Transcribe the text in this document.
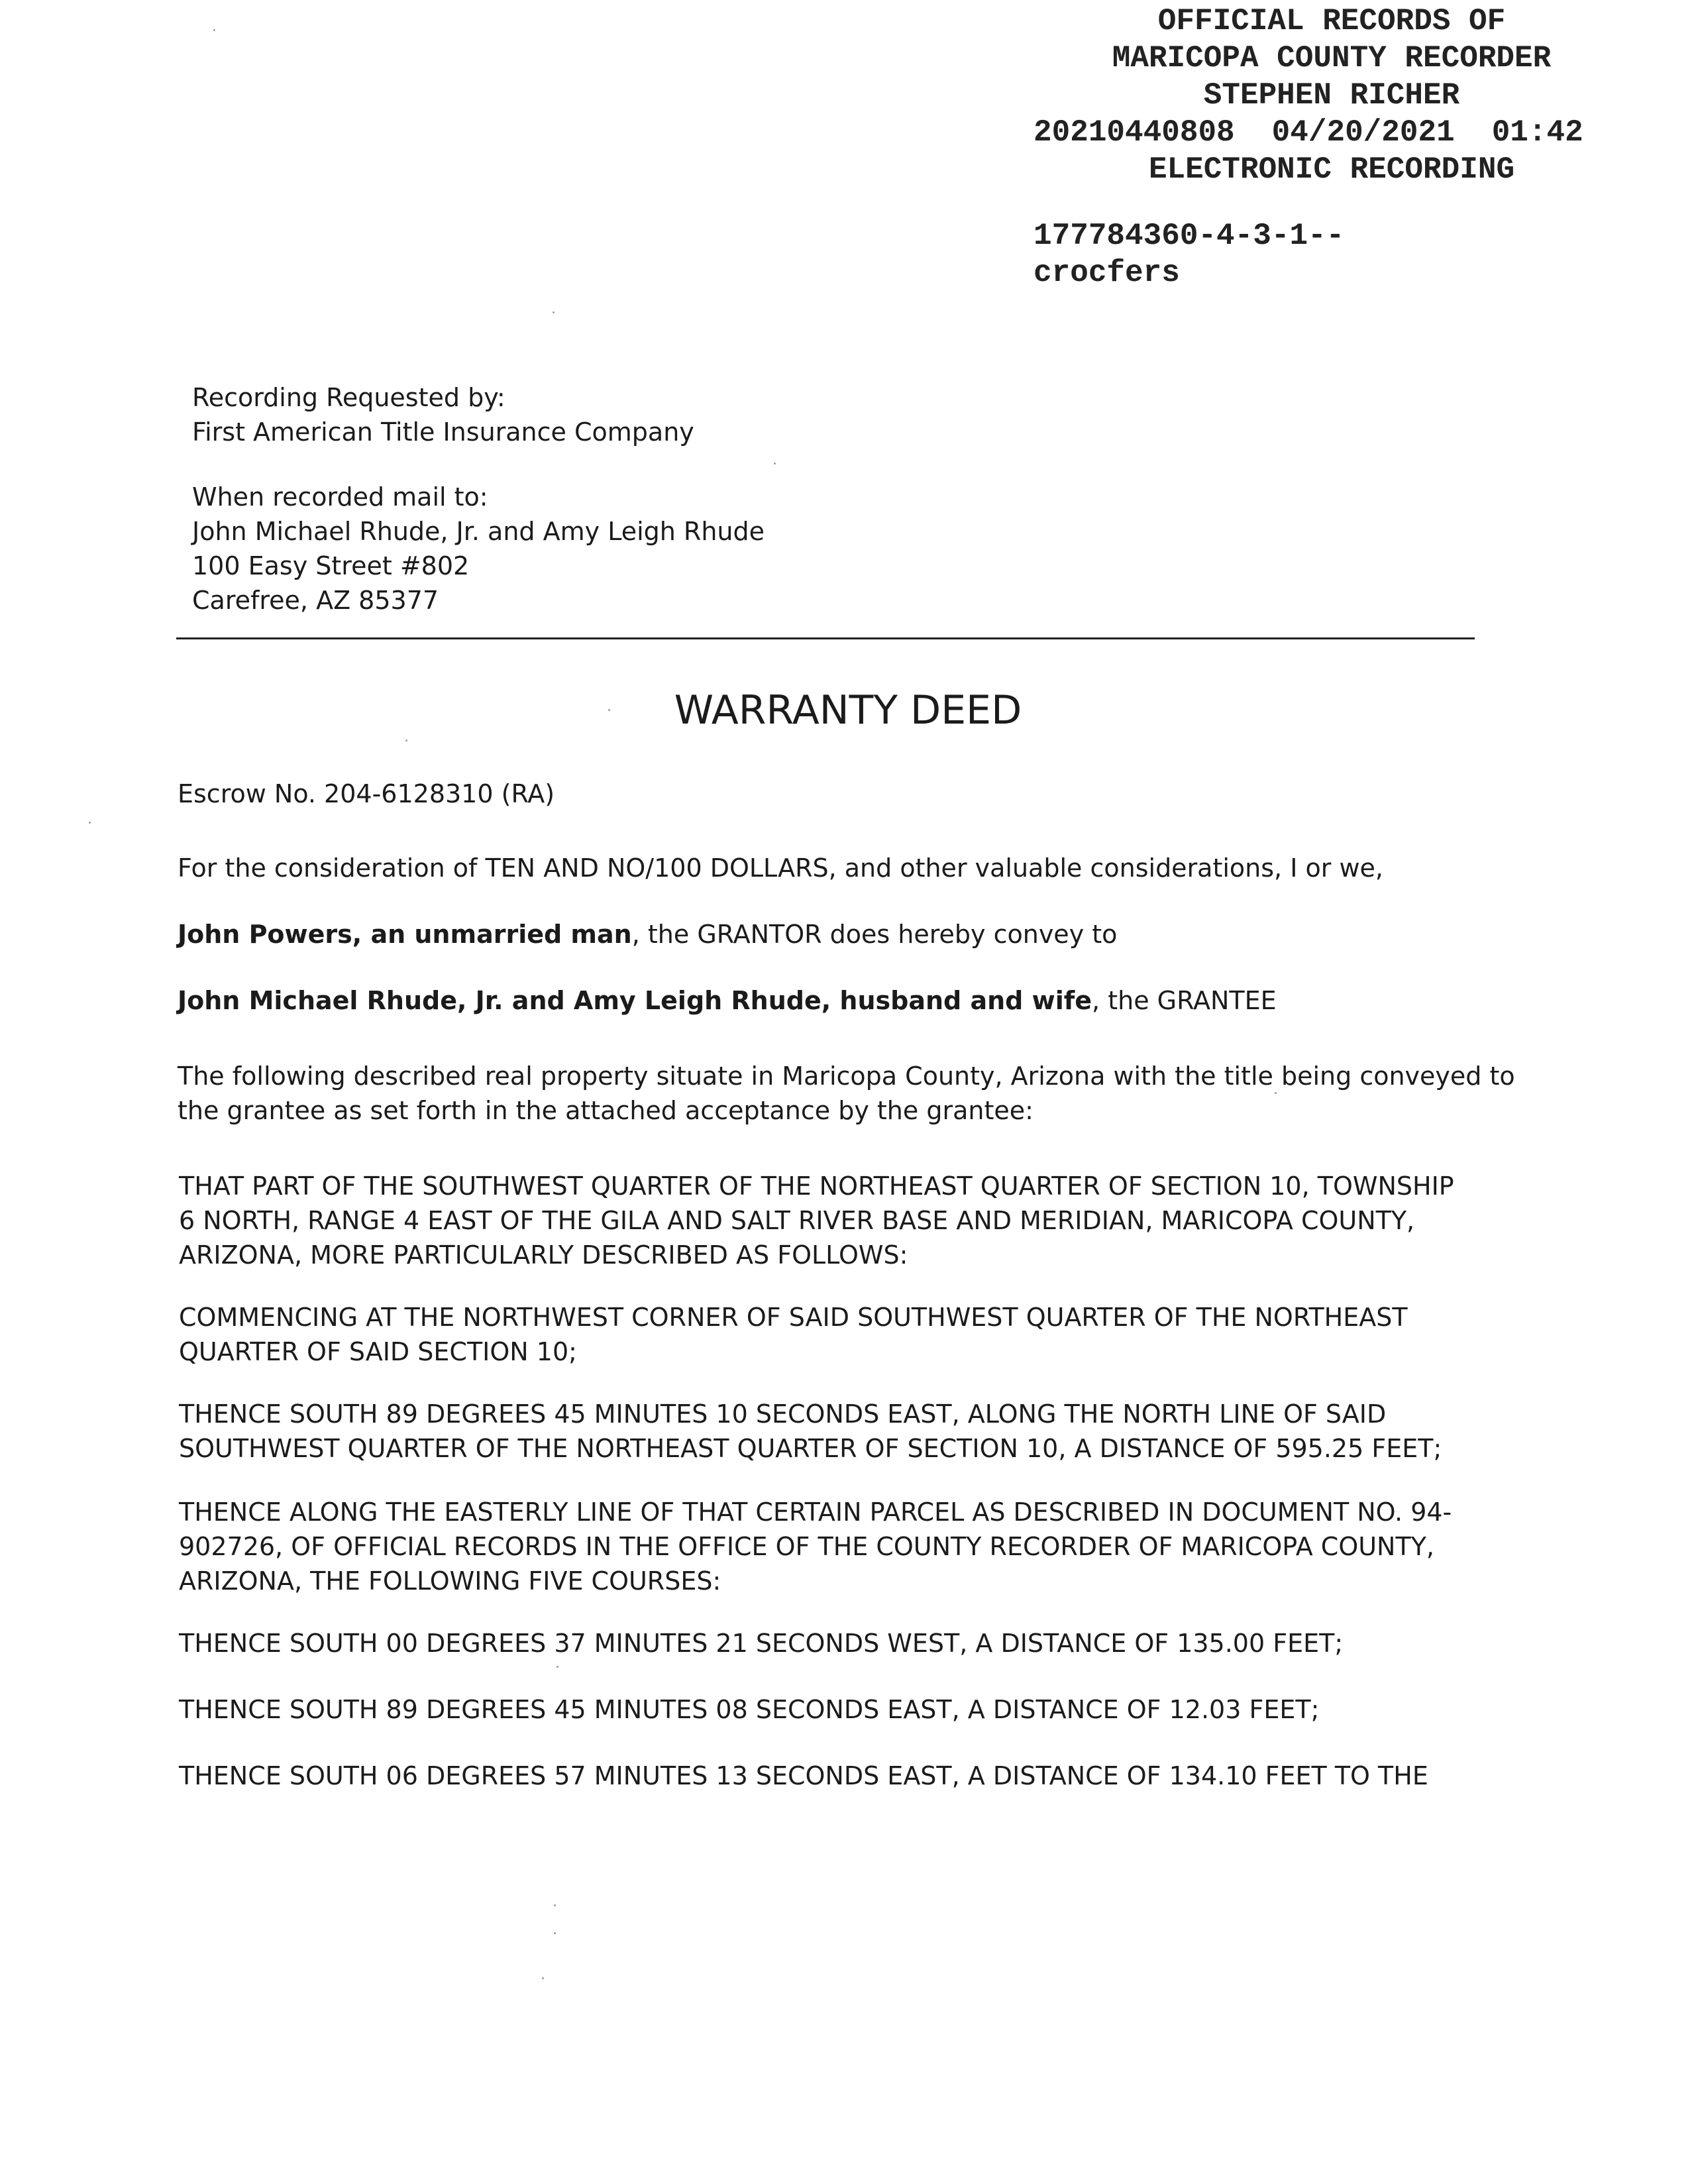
OFFICIAL RECORDS OF
MARICOPA COUNTY RECORDER
STEPHEN RICHER
20210440808 04/20/2021 01:42
ELECTRONIC RECORDING
177784360-4-3-1--
crocfers

Recording Requested by:

First American Title Insurance Company

When recorded mail to:

John Michael Rhude, Jr. and Amy Leigh Rhude

100 Easy Street #802

Carefree, AZ 85377

WARRANTY DEED
Escrow No. 204-6128310 (RA)
For the consideration of TEN AND NO/100 DOLLARS, and other valuable considerations, I or we,
John Powers, an unmarried man, the GRANTOR does hereby convey to
John Michael Rhude, Jr. and Amy Leigh Rhude, husband and wife, the GRANTEE

The following described real property situate in Maricopa County, Arizona with the title being conveyed to

the grantee as set forth in the attached acceptance by the grantee:

THAT PART OF THE SOUTHWEST QUARTER OF THE NORTHEAST QUARTER OF SECTION 10, TOWNSHIP

6 NORTH, RANGE 4 EAST OF THE GILA AND SALT RIVER BASE AND MERIDIAN, MARICOPA COUNTY,

ARIZONA, MORE PARTICULARLY DESCRIBED AS FOLLOWS:

COMMENCING AT THE NORTHWEST CORNER OF SAID SOUTHWEST QUARTER OF THE NORTHEAST

QUARTER OF SAID SECTION 10;

THENCE SOUTH 89 DEGREES 45 MINUTES 10 SECONDS EAST, ALONG THE NORTH LINE OF SAID

SOUTHWEST QUARTER OF THE NORTHEAST QUARTER OF SECTION 10, A DISTANCE OF 595.25 FEET;

THENCE ALONG THE EASTERLY LINE OF THAT CERTAIN PARCEL AS DESCRIBED IN DOCUMENT NO. 94-

902726, OF OFFICIAL RECORDS IN THE OFFICE OF THE COUNTY RECORDER OF MARICOPA COUNTY,

ARIZONA, THE FOLLOWING FIVE COURSES:

THENCE SOUTH 00 DEGREES 37 MINUTES 21 SECONDS WEST, A DISTANCE OF 135.00 FEET;

THENCE SOUTH 89 DEGREES 45 MINUTES 08 SECONDS EAST, A DISTANCE OF 12.03 FEET;

THENCE SOUTH 06 DEGREES 57 MINUTES 13 SECONDS EAST, A DISTANCE OF 134.10 FEET TO THE
